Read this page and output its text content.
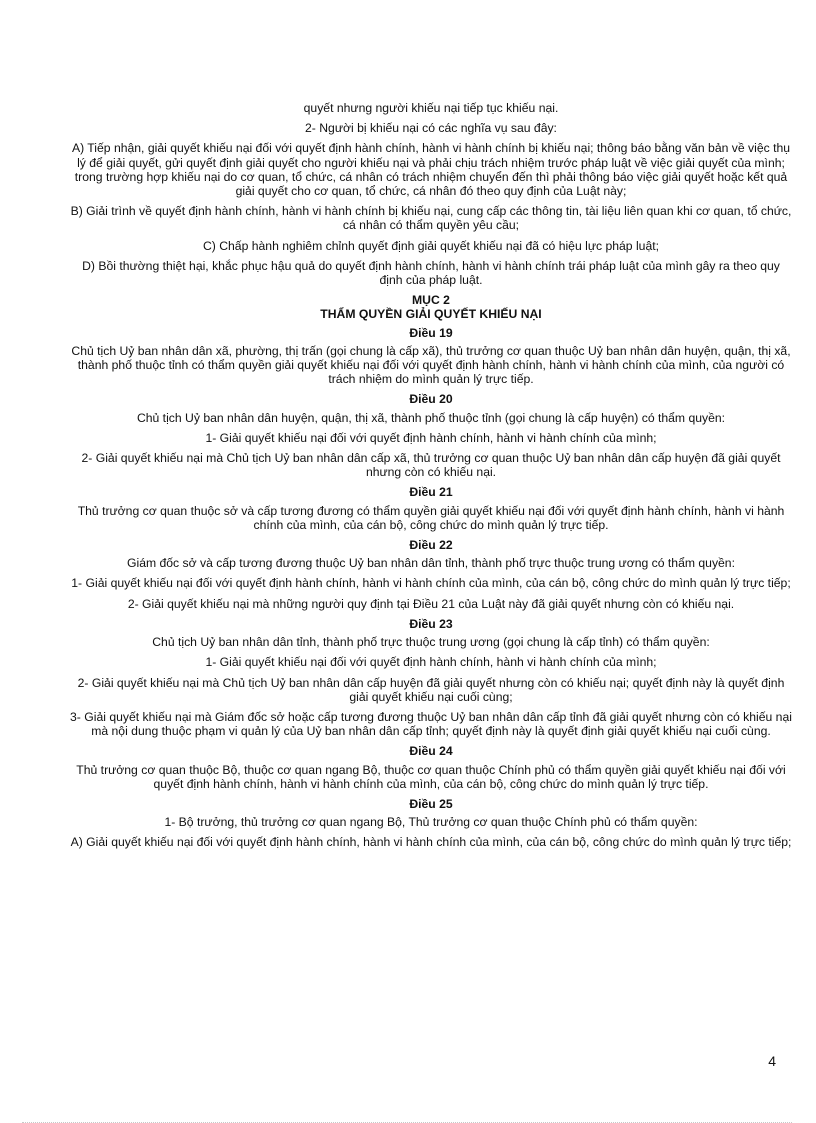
quyết nhưng người khiếu nại tiếp tục khiếu nại.

2- Người bị khiếu nại có các nghĩa vụ sau đây:

A) Tiếp nhận, giải quyết khiếu nại đối với quyết định hành chính, hành vi hành chính bị khiếu nại; thông báo bằng văn bản về việc thụ lý để giải quyết, gửi quyết định giải quyết cho người khiếu nại và phải chịu trách nhiệm trước pháp luật về việc giải quyết của mình; trong trường hợp khiếu nại do cơ quan, tổ chức, cá nhân có trách nhiệm chuyển đến thì phải thông báo việc giải quyết hoặc kết quả giải quyết cho cơ quan, tổ chức, cá nhân đó theo quy định của Luật này;

B) Giải trình về quyết định hành chính, hành vi hành chính bị khiếu nại, cung cấp các thông tin, tài liệu liên quan khi cơ quan, tổ chức, cá nhân có thẩm quyền yêu cầu;

C) Chấp hành nghiêm chỉnh quyết định giải quyết khiếu nại đã có hiệu lực pháp luật;

D) Bồi thường thiệt hại, khắc phục hậu quả do quyết định hành chính, hành vi hành chính trái pháp luật của mình gây ra theo quy định của pháp luật.

MỤC 2

THẨM QUYỀN GIẢI QUYẾT KHIẾU NẠI

Điều 19

Chủ tịch Uỷ ban nhân dân xã, phường, thị trấn (gọi chung là cấp xã), thủ trưởng cơ quan thuộc Uỷ ban nhân dân huyện, quận, thị xã, thành phố thuộc tỉnh có thẩm quyền giải quyết khiếu nại đối với quyết định hành chính, hành vi hành chính của mình, của người có trách nhiệm do mình quản lý trực tiếp.

Điều 20

Chủ tịch Uỷ ban nhân dân huyện, quận, thị xã, thành phố thuộc tỉnh (gọi chung là cấp huyện) có thẩm quyền:

1- Giải quyết khiếu nại đối với quyết định hành chính, hành vi hành chính của mình;

2- Giải quyết khiếu nại mà Chủ tịch Uỷ ban nhân dân cấp xã, thủ trưởng cơ quan thuộc Uỷ ban nhân dân cấp huyện đã giải quyết nhưng còn có khiếu nại.

Điều 21

Thủ trưởng cơ quan thuộc sở và cấp tương đương có thẩm quyền giải quyết khiếu nại đối với quyết định hành chính, hành vi hành chính của mình, của cán bộ, công chức do mình quản lý trực tiếp.

Điều 22

Giám đốc sở và cấp tương đương thuộc Uỷ ban nhân dân tỉnh, thành phố trực thuộc trung ương có thẩm quyền:

1- Giải quyết khiếu nại đối với quyết định hành chính, hành vi hành chính của mình, của cán bộ, công chức do mình quản lý trực tiếp;

2- Giải quyết khiếu nại mà những người quy định tại Điều 21 của Luật này đã giải quyết nhưng còn có khiếu nại.

Điều 23

Chủ tịch Uỷ ban nhân dân tỉnh, thành phố trực thuộc trung ương (gọi chung là cấp tỉnh) có thẩm quyền:

1- Giải quyết khiếu nại đối với quyết định hành chính, hành vi hành chính của mình;

2- Giải quyết khiếu nại mà Chủ tịch Uỷ ban nhân dân cấp huyện đã giải quyết nhưng còn có khiếu nại; quyết định này là quyết định giải quyết khiếu nại cuối cùng;

3- Giải quyết khiếu nại mà Giám đốc sở hoặc cấp tương đương thuộc Uỷ ban nhân dân cấp tỉnh đã giải quyết nhưng còn có khiếu nại mà nội dung thuộc phạm vi quản lý của Uỷ ban nhân dân cấp tỉnh; quyết định này là quyết định giải quyết khiếu nại cuối cùng.

Điều 24

Thủ trưởng cơ quan thuộc Bộ, thuộc cơ quan ngang Bộ, thuộc cơ quan thuộc Chính phủ có thẩm quyền giải quyết khiếu nại đối với quyết định hành chính, hành vi hành chính của mình, của cán bộ, công chức do mình quản lý trực tiếp.

Điều 25

1- Bộ trưởng, thủ trưởng cơ quan ngang Bộ, Thủ trưởng cơ quan thuộc Chính phủ có thẩm quyền:

A) Giải quyết khiếu nại đối với quyết định hành chính, hành vi hành chính của mình, của cán bộ, công chức do mình quản lý trực tiếp;

4
